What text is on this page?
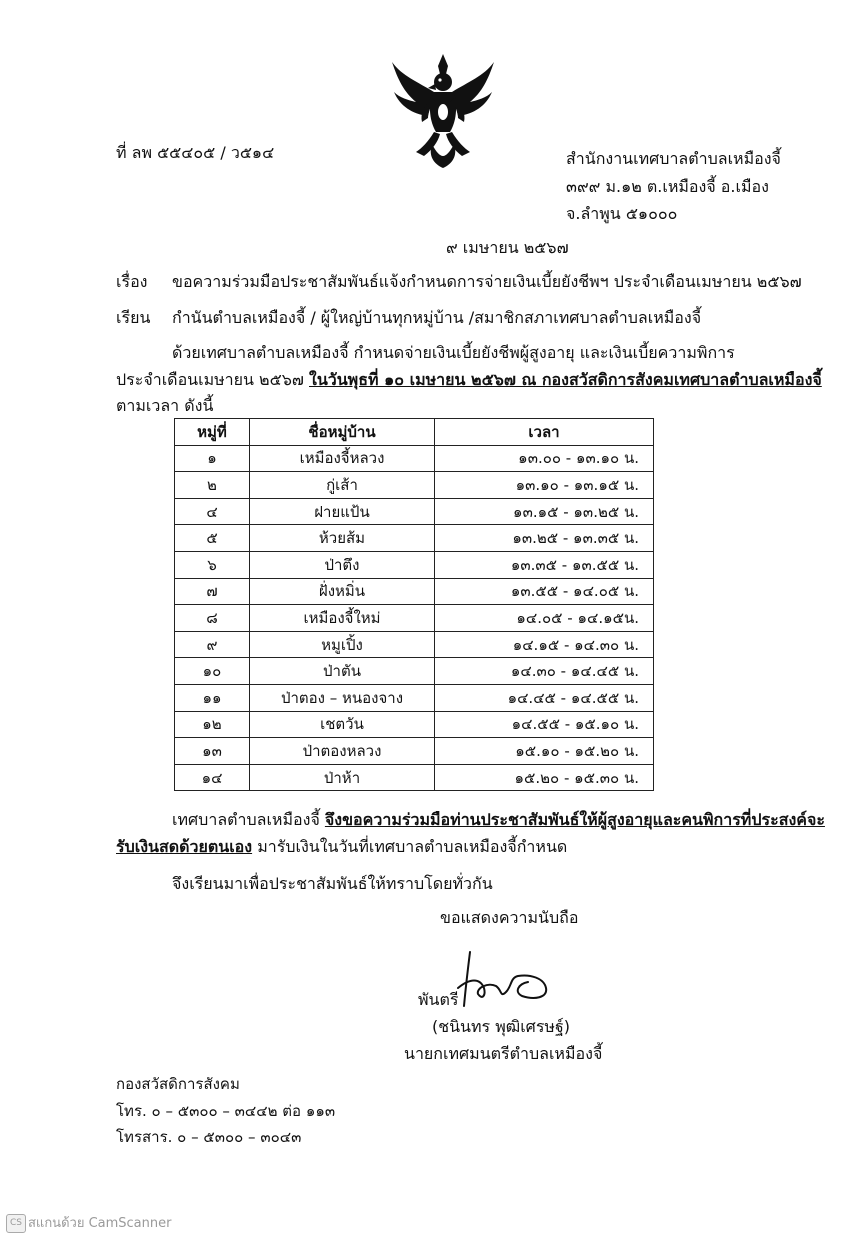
ที่ ลพ ๕๕๔๐๕ / ว๕๑๔	สำนักงานเทศบาลตำบลเหมืองจี้
๓๙๙ ม.๑๒ ต.เหมืองจี้ อ.เมือง
จ.ลำพูน ๕๑๐๐๐
๙ เมษายน ๒๕๖๗
เรื่อง ขอความร่วมมือประชาสัมพันธ์แจ้งกำหนดการจ่ายเงินเบี้ยยังชีพฯ ประจำเดือนเมษายน ๒๕๖๗
เรียน กำนันตำบลเหมืองจี้ / ผู้ใหญ่บ้านทุกหมู่บ้าน /สมาชิกสภาเทศบาลตำบลเหมืองจี้
ด้วยเทศบาลตำบลเหมืองจี้ กำหนดจ่ายเงินเบี้ยยังชีพผู้สูงอายุ และเงินเบี้ยความพิการ
ประจำเดือนเมษายน ๒๕๖๗ ในวันพุธที่ ๑๐ เมษายน ๒๕๖๗ ณ กองสวัสดิการสังคมเทศบาลตำบลเหมืองจี้
ตามเวลา ดังนี้
หมู่ที่	ชื่อหมู่บ้าน	เวลา
๑	เหมืองจี้หลวง	๑๓.๐๐ - ๑๓.๑๐ น.
๒	กู่เส้า	๑๓.๑๐ - ๑๓.๑๕ น.
๔	ฝายแป้น	๑๓.๑๕ - ๑๓.๒๕ น.
๕	ห้วยส้ม	๑๓.๒๕ - ๑๓.๓๕ น.
๖	ป่าตึง	๑๓.๓๕ - ๑๓.๕๕ น.
๗	ฝั่งหมิ่น	๑๓.๕๕ - ๑๔.๐๕ น.
๘	เหมืองจี้ใหม่	๑๔.๐๕ - ๑๔.๑๕น.
๙	หมูเปิ้ง	๑๔.๑๕ - ๑๔.๓๐ น.
๑๐	ป่าตัน	๑๔.๓๐ - ๑๔.๔๕ น.
๑๑	ป่าตอง – หนองจาง	๑๔.๔๕ - ๑๔.๕๕ น.
๑๒	เชตวัน	๑๔.๕๕ - ๑๕.๑๐ น.
๑๓	ป่าตองหลวง	๑๕.๑๐ - ๑๕.๒๐ น.
๑๔	ป่าห้า	๑๕.๒๐ - ๑๕.๓๐ น.
เทศบาลตำบลเหมืองจี้ จึงขอความร่วมมือท่านประชาสัมพันธ์ให้ผู้สูงอายุและคนพิการที่ประสงค์จะ
รับเงินสดด้วยตนเอง มารับเงินในวันที่เทศบาลตำบลเหมืองจี้กำหนด
จึงเรียนมาเพื่อประชาสัมพันธ์ให้ทราบโดยทั่วกัน
ขอแสดงความนับถือ
พันตรี
(ชนินทร พุฒิเศรษฐ์)
นายกเทศมนตรีตำบลเหมืองจี้
กองสวัสดิการสังคม
โทร. ๐ – ๕๓๐๐ – ๓๔๔๒ ต่อ ๑๑๓
โทรสาร. ๐ – ๕๓๐๐ – ๓๐๔๓
CS สแกนด้วย CamScanner
